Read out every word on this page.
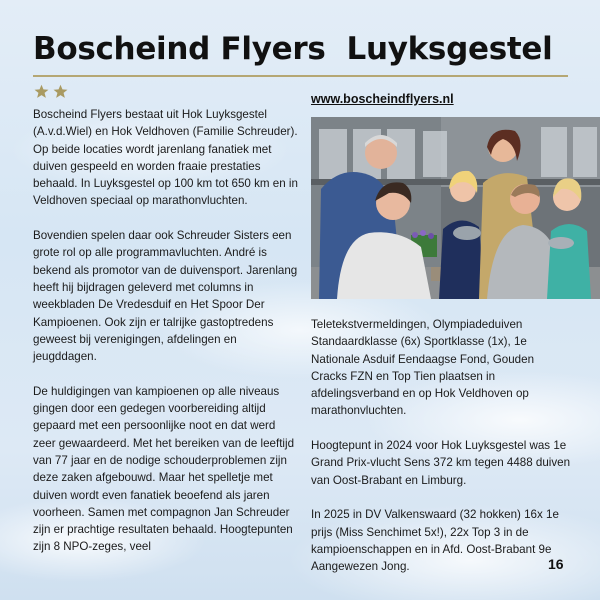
Boscheind Flyers  Luyksgestel

Boscheind Flyers bestaat uit Hok Luyksgestel (A.v.d.Wiel) en Hok Veldhoven (Familie Schreuder). Op beide locaties wordt jarenlang fanatiek met duiven gespeeld en worden fraaie prestaties behaald. In Luyksgestel op 100 km tot 650 km en in Veldhoven speciaal op marathonvluchten.

Bovendien spelen daar ook Schreuder Sisters een grote rol op alle programmavluchten. André is bekend als promotor van de duivensport. Jarenlang heeft hij bijdragen geleverd met columns in weekbladen De Vredesduif en Het Spoor Der Kampioenen. Ook zijn er talrijke gastoptredens geweest bij verenigingen, afdelingen en jeugddagen.

De huldigingen van kampioenen op alle niveaus gingen door een gedegen voorbereiding altijd gepaard met een persoonlijke noot en dat werd zeer gewaardeerd. Met het bereiken van de leeftijd van 77 jaar en de nodige schouderproblemen zijn deze zaken afgebouwd. Maar het spelletje met duiven wordt even fanatiek beoefend als jaren voorheen. Samen met compagnon Jan Schreuder zijn er prachtige resultaten behaald. Hoogtepunten zijn 8 NPO-zeges, veel

www.boscheindflyers.nl

Teletekstvermeldingen, Olympiadeduiven Standaardklasse (6x) Sportklasse (1x), 1e Nationale Asduif Eendaagse Fond, Gouden Cracks FZN en Top Tien plaatsen in afdelingsverband en op Hok Veldhoven op marathonvluchten.

Hoogtepunt in 2024 voor Hok Luyksgestel was 1e Grand Prix-vlucht Sens 372 km tegen 4488 duiven van Oost-Brabant en Limburg.

In 2025 in DV Valkenswaard (32 hokken) 16x 1e prijs (Miss Senchimet 5x!), 22x Top 3 in de kampioenschappen en in Afd. Oost-Brabant 9e Aangewezen Jong.	16
